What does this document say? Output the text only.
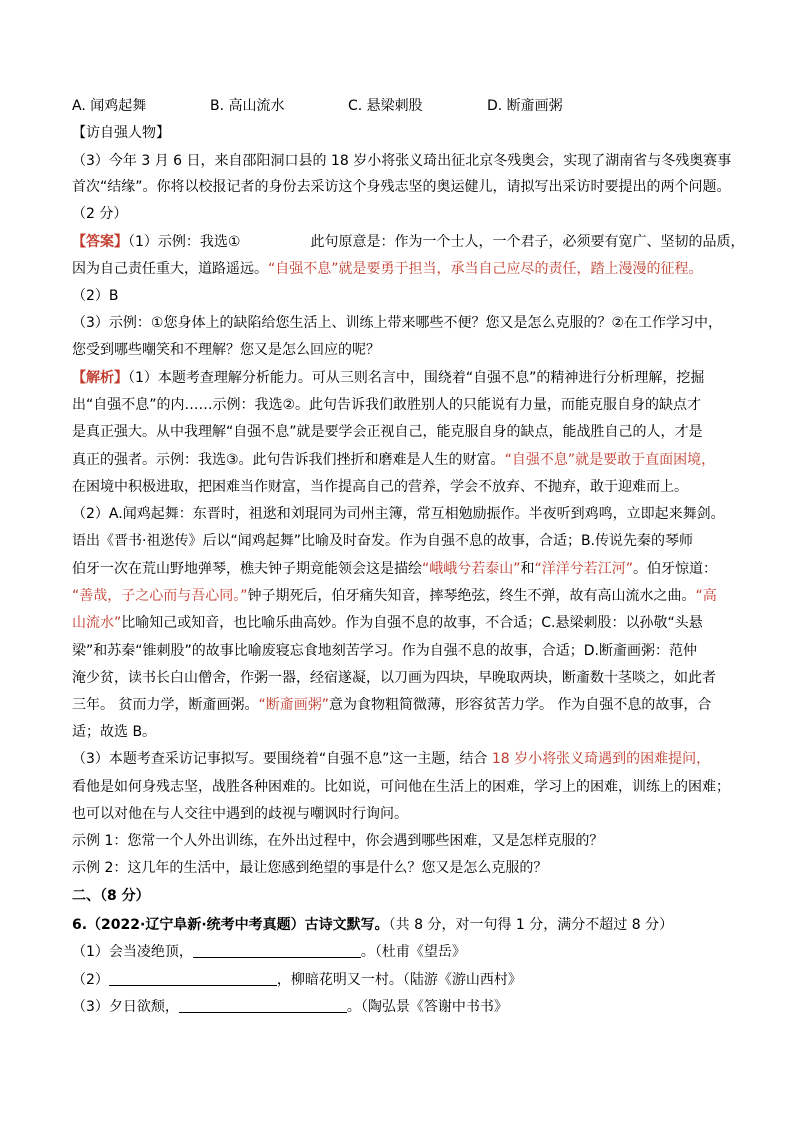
A. 闻鸡起舞	B. 高山流水	C. 悬梁刺股	D. 断齑画粥
【访自强人物】
（3）今年 3 月 6 日，来自邵阳洞口县的 18 岁小将张义琦出征北京冬残奥会，实现了湖南省与冬残奥赛事
首次“结缘”。你将以校报记者的身份去采访这个身残志坚的奥运健儿，请拟写出采访时要提出的两个问题。
（2 分）
【答案】（1）示例：我选①	此句原意是：作为一个士人，一个君子，必须要有宽广、坚韧的品质，
因为自己责任重大，道路遥远。“自强不息”就是要勇于担当，承当自己应尽的责任，踏上漫漫的征程。
（2）B
（3）示例：①您身体上的缺陷给您生活上、训练上带来哪些不便？您又是怎么克服的？②在工作学习中，
您受到哪些嘲笑和不理解？您又是怎么回应的呢？
【解析】（1）本题考查理解分析能力。可从三则名言中，围绕着“自强不息”的精神进行分析理解，挖掘
出“自强不息”的内……示例：我选②。此句告诉我们敢胜别人的只能说有力量，而能克服自身的缺点才
是真正强大。从中我理解“自强不息”就是要学会正视自己，能克服自身的缺点，能战胜自己的人，才是
真正的强者。示例：我选③。此句告诉我们挫折和磨难是人生的财富。“自强不息”就是要敢于直面困境，
在困境中积极进取，把困难当作财富，当作提高自己的营养，学会不放弃、不抛弃，敢于迎难而上。
（2）A.闻鸡起舞：东晋时，祖逖和刘琨同为司州主簿，常互相勉励振作。半夜听到鸡鸣，立即起来舞剑。
语出《晋书·祖逖传》后以“闻鸡起舞”比喻及时奋发。作为自强不息的故事，合适；B.传说先秦的琴师
伯牙一次在荒山野地弹琴，樵夫钟子期竟能领会这是描绘“峨峨兮若泰山”和“洋洋兮若江河”。伯牙惊道：
“善哉，子之心而与吾心同。”钟子期死后，伯牙痛失知音，摔琴绝弦，终生不弹，故有高山流水之曲。“高
山流水”比喻知己或知音，也比喻乐曲高妙。作为自强不息的故事，不合适；C.悬梁刺股：以孙敬“头悬
梁”和苏秦“锥刺股”的故事比喻废寝忘食地刻苦学习。作为自强不息的故事，合适；D.断齑画粥：范仲
淹少贫，读书长白山僧舍，作粥一器，经宿遂凝，以刀画为四块，早晚取两块，断齑数十茎啖之，如此者
三年。 贫而力学，断齑画粥。“断齑画粥”意为食物粗简微薄，形容贫苦力学。 作为自强不息的故事，合
适；故选 B。
（3）本题考查采访记事拟写。要围绕着“自强不息”这一主题，结合 18 岁小将张义琦遇到的困难提问，
看他是如何身残志坚，战胜各种困难的。比如说，可问他在生活上的困难，学习上的困难，训练上的困难；
也可以对他在与人交往中遇到的歧视与嘲讽时行询问。
示例 1：您常一个人外出训练，在外出过程中，你会遇到哪些困难，又是怎样克服的？
示例 2：这几年的生活中，最让您感到绝望的事是什么？您又是怎么克服的？
二、（8 分）
6.（2022·辽宁阜新·统考中考真题）古诗文默写。（共 8 分，对一句得 1 分，满分不超过 8 分）
（1）会当凌绝顶，	。（杜甫《望岳》
（2）	，柳暗花明又一村。（陆游《游山西村》
（3）夕日欲颓，	。（陶弘景《答谢中书书》
